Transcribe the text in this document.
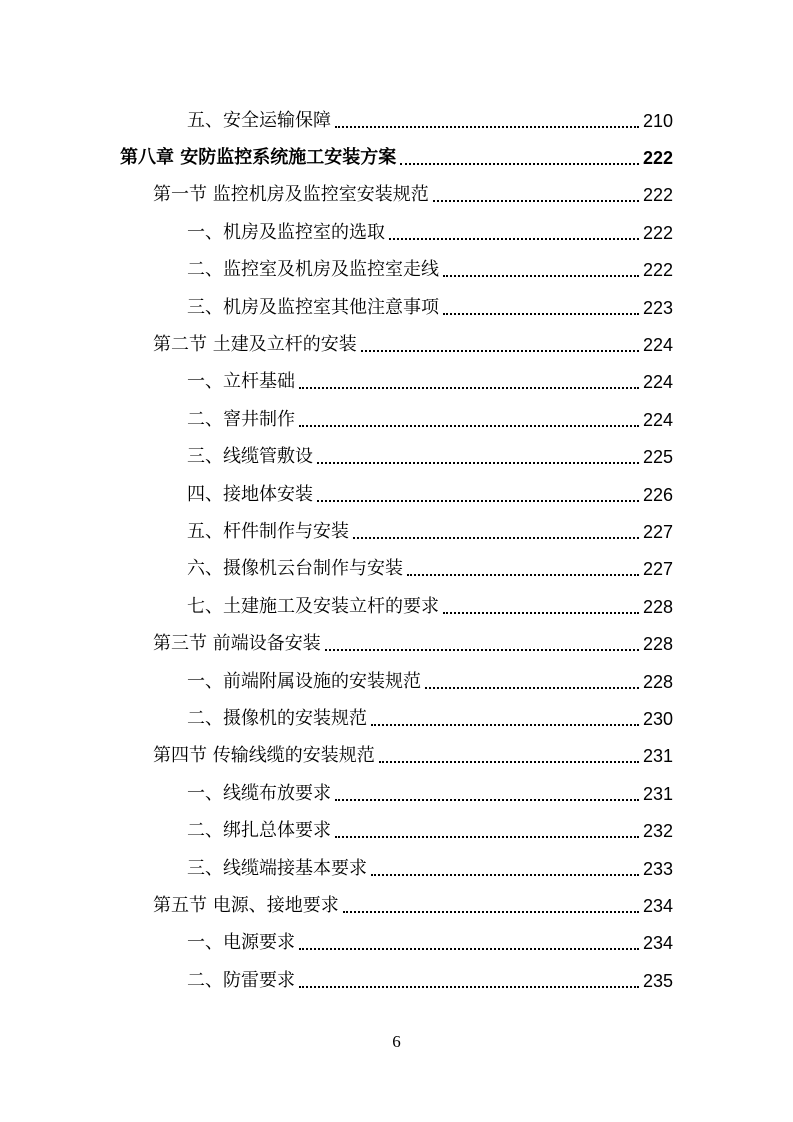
五、安全运输保障	210
第八章 安防监控系统施工安装方案	222
第一节 监控机房及监控室安装规范	222
一、机房及监控室的选取	222
二、监控室及机房及监控室走线	222
三、机房及监控室其他注意事项	223
第二节 土建及立杆的安装	224
一、立杆基础	224
二、窨井制作	224
三、线缆管敷设	225
四、接地体安装	226
五、杆件制作与安装	227
六、摄像机云台制作与安装	227
七、土建施工及安装立杆的要求	228
第三节 前端设备安装	228
一、前端附属设施的安装规范	228
二、摄像机的安装规范	230
第四节 传输线缆的安装规范	231
一、线缆布放要求	231
二、绑扎总体要求	232
三、线缆端接基本要求	233
第五节 电源、接地要求	234
一、电源要求	234
二、防雷要求	235
6
